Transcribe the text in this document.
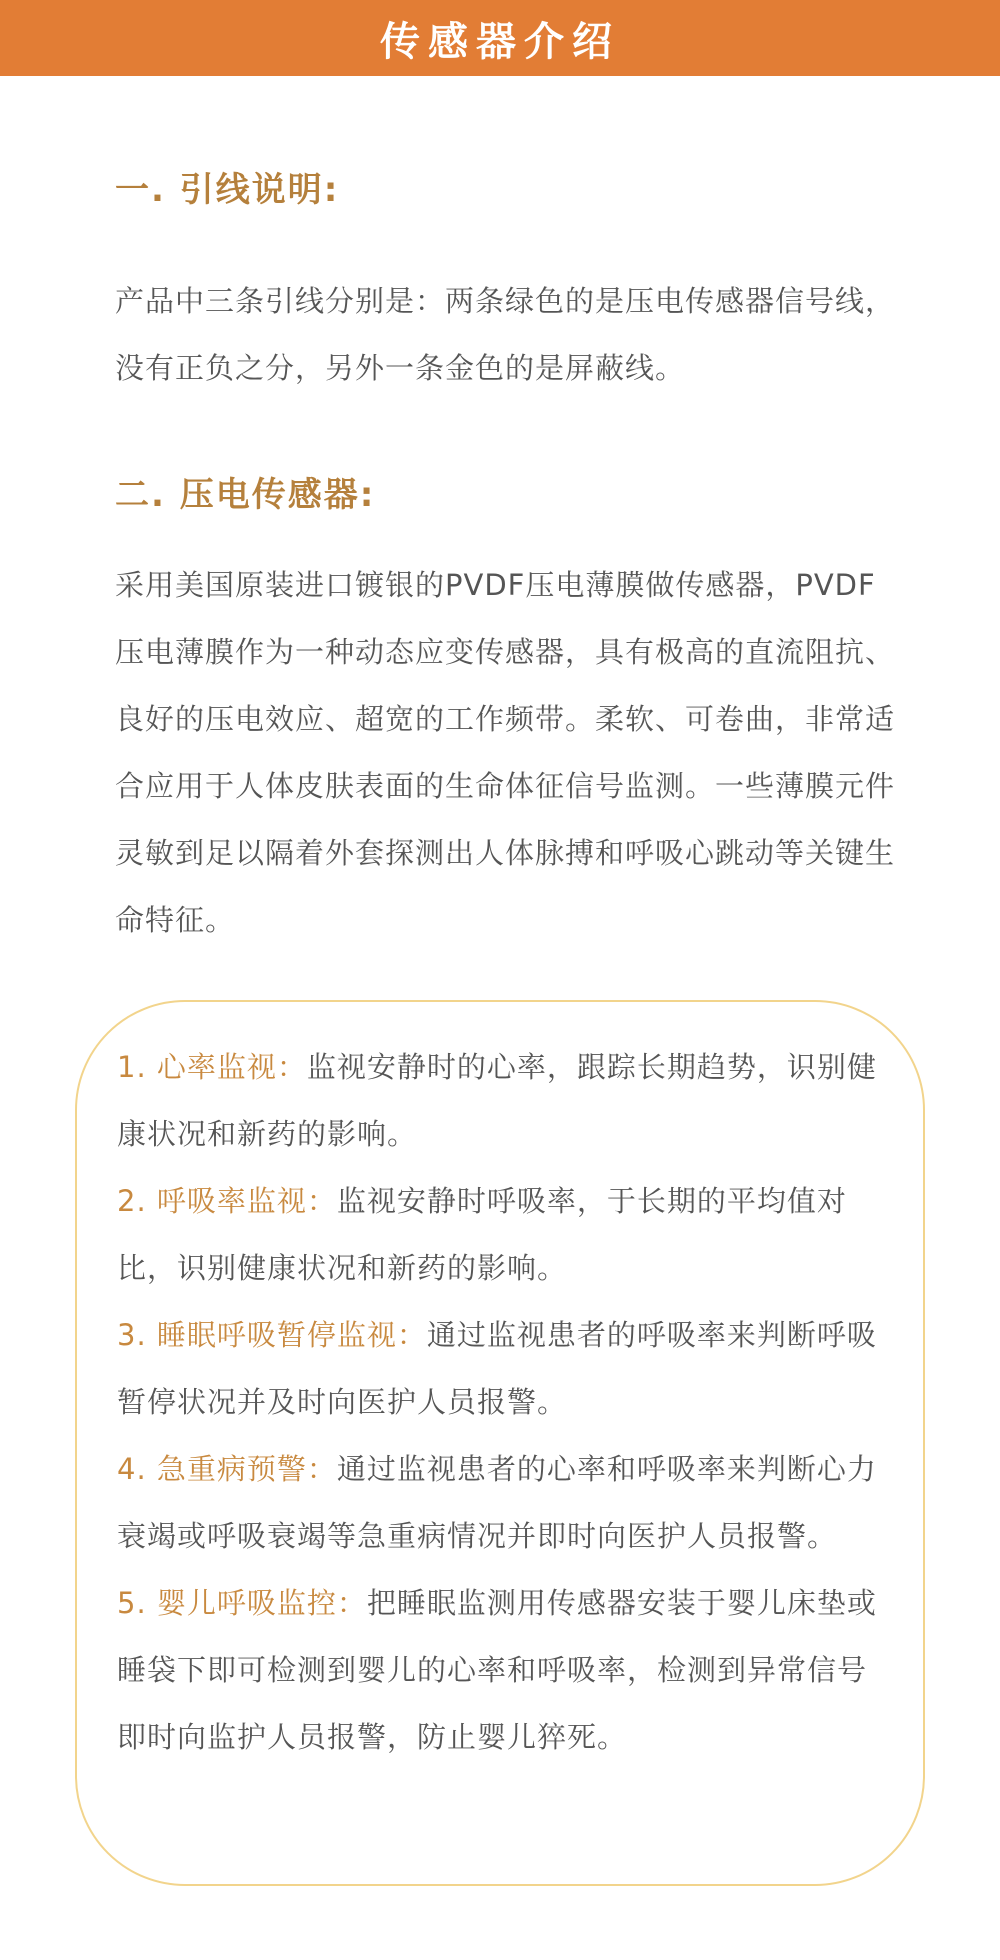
传感器介绍
一. 引线说明:

产品中三条引线分别是：两条绿色的是压电传感器信号线，没有正负之分，另外一条金色的是屏蔽线。

二. 压电传感器:

采用美国原装进口镀银的PVDF压电薄膜做传感器，PVDF压电薄膜作为一种动态应变传感器，具有极高的直流阻抗、良好的压电效应、超宽的工作频带。柔软、可卷曲，非常适合应用于人体皮肤表面的生命体征信号监测。一些薄膜元件灵敏到足以隔着外套探测出人体脉搏和呼吸心跳动等关键生命特征。

1. 心率监视：监视安静时的心率，跟踪长期趋势，识别健康状况和新药的影响。
2. 呼吸率监视：监视安静时呼吸率，于长期的平均值对比，识别健康状况和新药的影响。
3. 睡眠呼吸暂停监视：通过监视患者的呼吸率来判断呼吸暂停状况并及时向医护人员报警。
4. 急重病预警：通过监视患者的心率和呼吸率来判断心力衰竭或呼吸衰竭等急重病情况并即时向医护人员报警。
5. 婴儿呼吸监控：把睡眠监测用传感器安装于婴儿床垫或睡袋下即可检测到婴儿的心率和呼吸率，检测到异常信号即时向监护人员报警，防止婴儿猝死。
